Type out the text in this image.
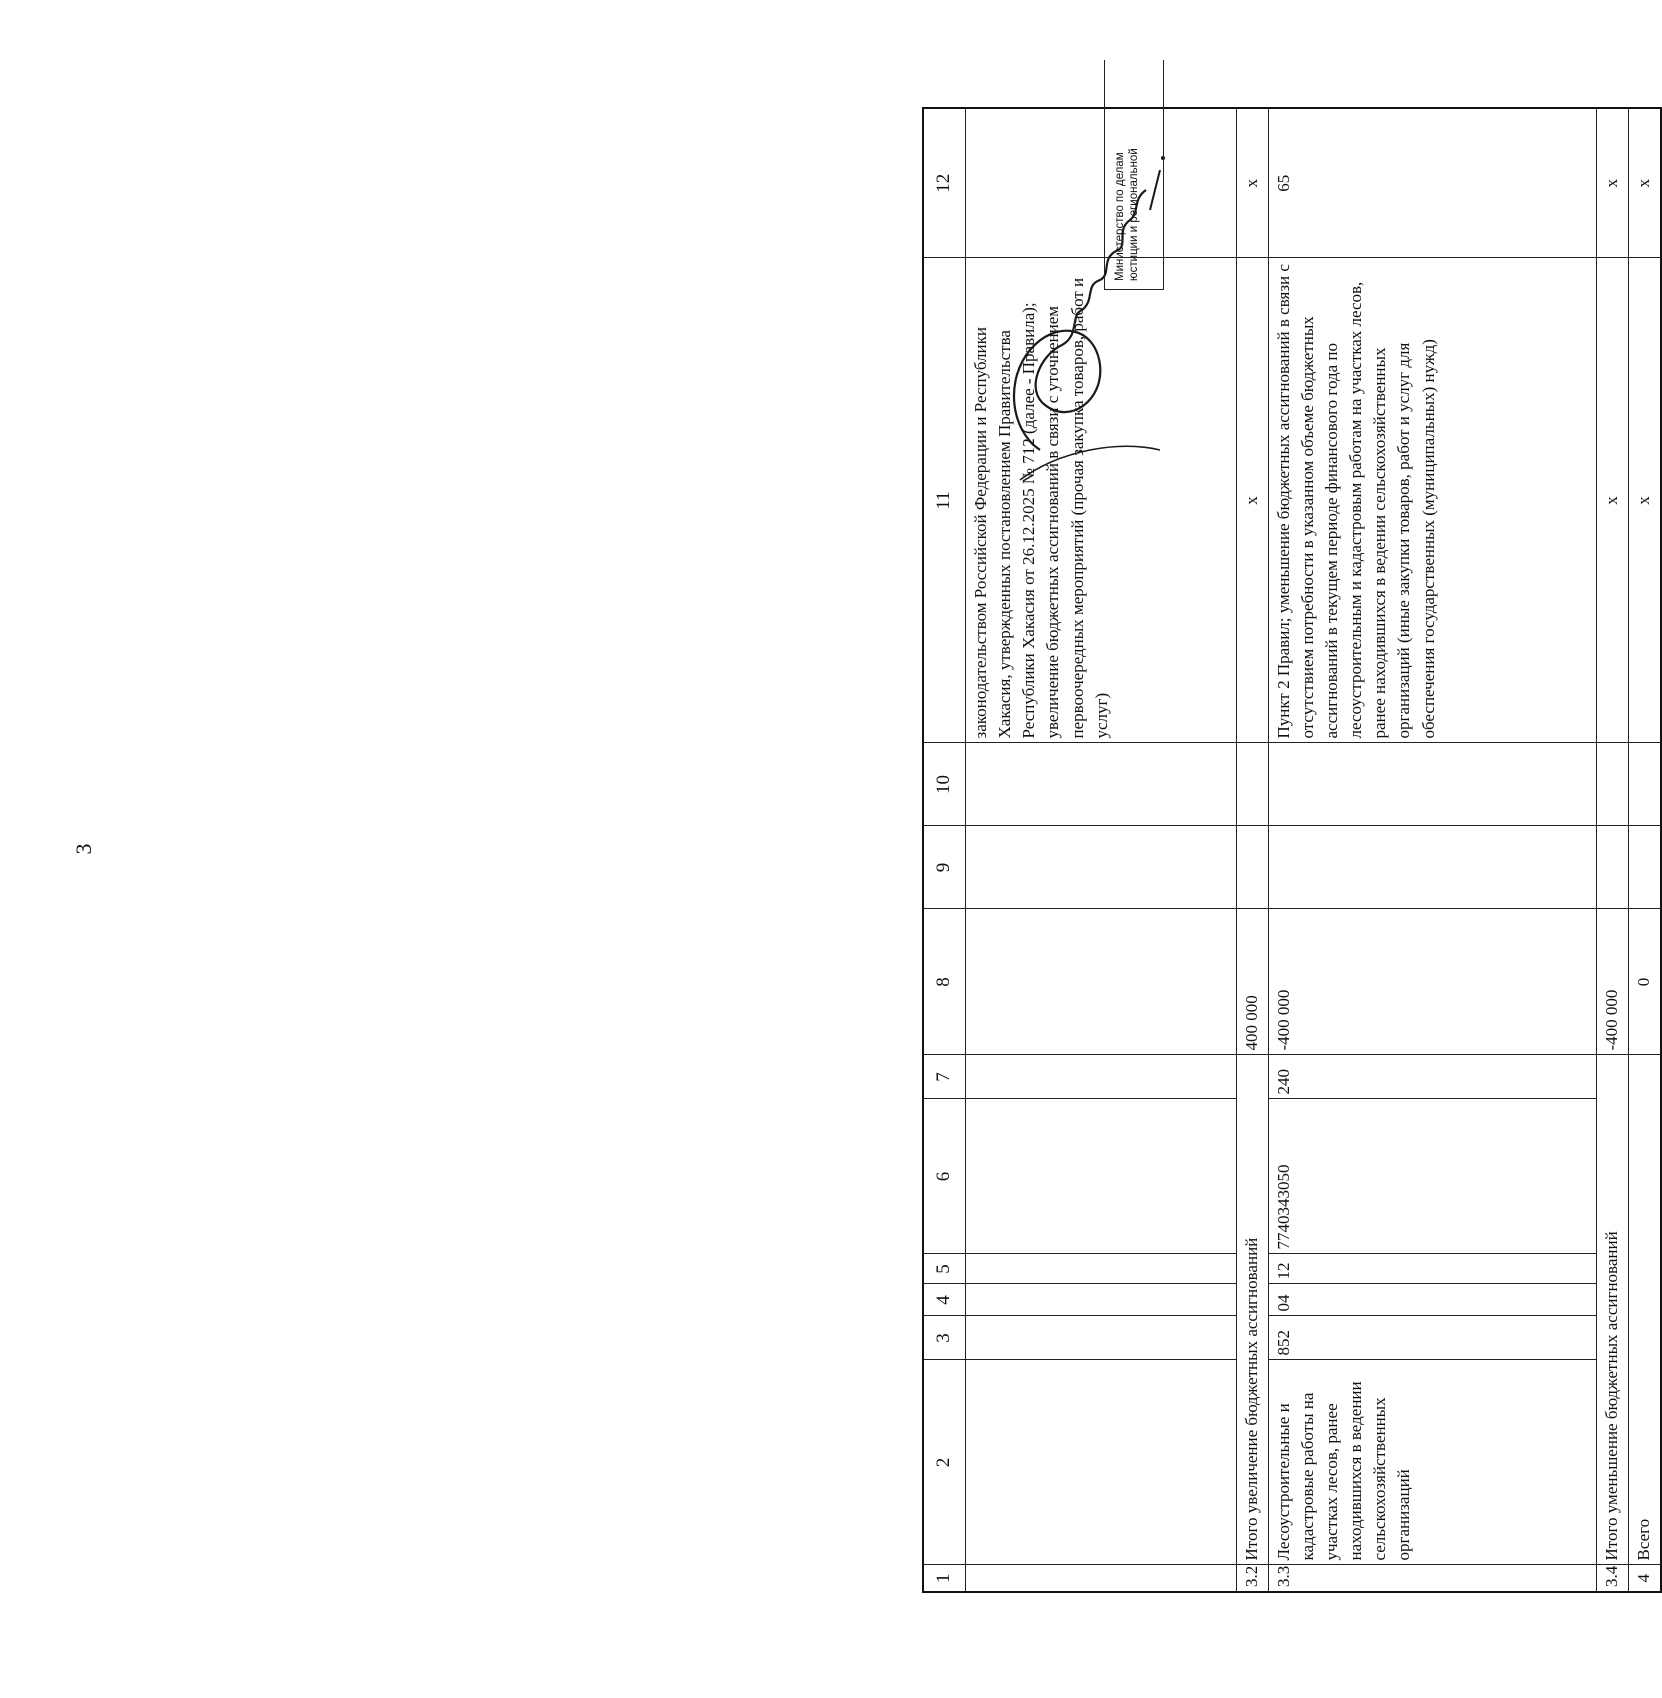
3
1	2	3	4	5	6	7	8	9	10	11	12
										законодательством Российской Федерации и Республики Хакасия, утвержденных постановлением Правительства Республики Хакасия от 26.12.2025 № 712 (далее - Правила); увеличение бюджетных ассигнований в связи с уточнением первоочередных мероприятий (прочая закупка товаров, работ и услуг)	
3.2	Итого увеличение бюджетных ассигнований						400 000			х	х
3.3	Лесоустроительные и кадастровые работы на участках лесов, ранее находившихся в ведении сельскохозяйственных организаций	852	04	12	7740343050	240	-400 000			Пункт 2 Правил; уменьшение бюджетных ассигнований в связи с отсутствием потребности в указанном объеме бюджетных ассигнований в текущем периоде финансового года по лесоустроительным и кадастровым работам на участках лесов, ранее находившихся в ведении сельскохозяйственных организаций (иные закупки товаров, работ и услуг для обеспечения государственных (муниципальных) нужд)	65
3.4	Итого уменьшение бюджетных ассигнований						-400 000			х	х
4	Всего						0			х	х
Министерство по делам юстиции и региональной
